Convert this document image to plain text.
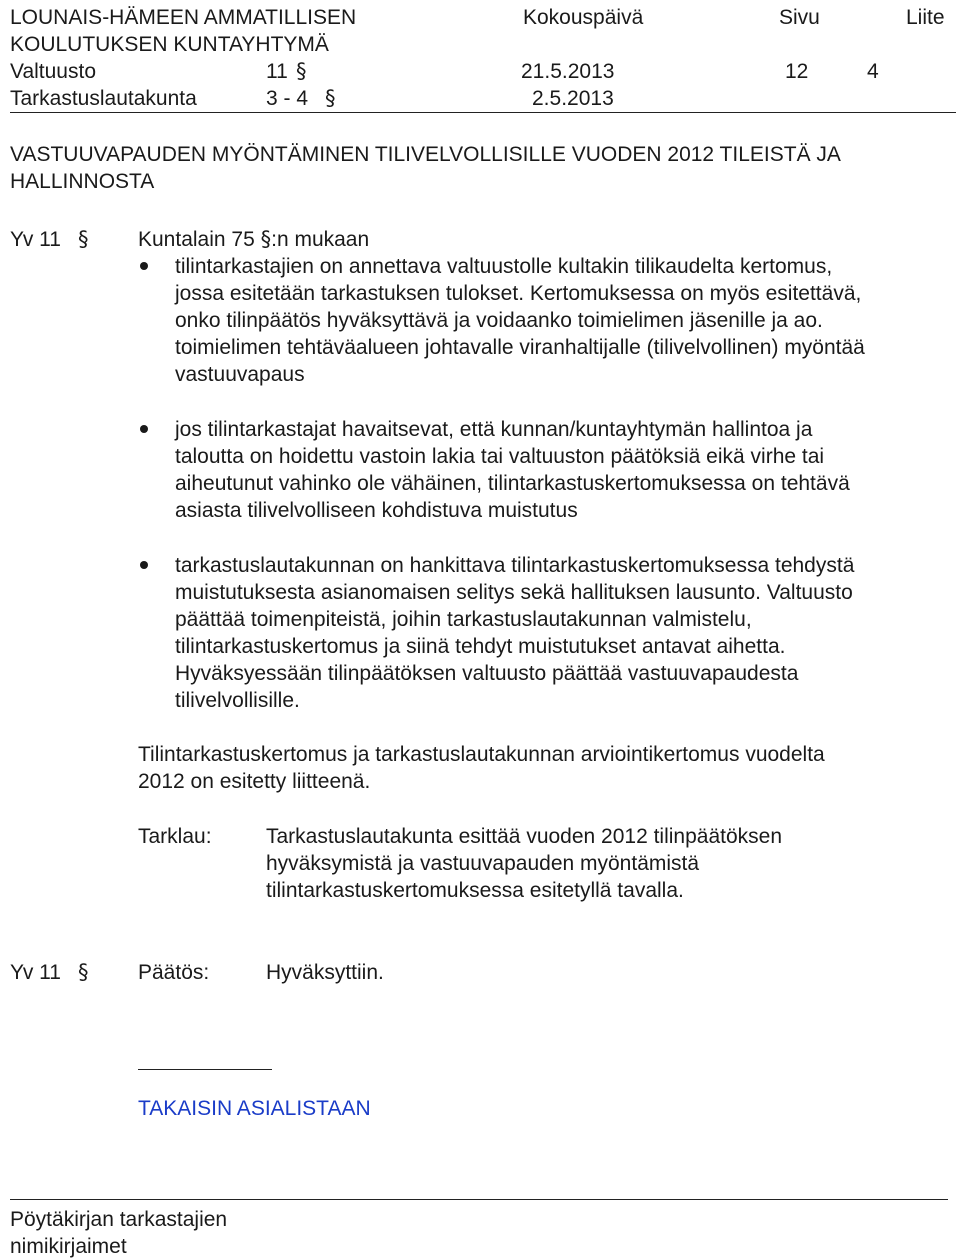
LOUNAIS-HÄMEEN AMMATILLISEN
KOULUTUKSEN KUNTAYHTYMÄ
Kokouspäivä	Sivu	Liite
Valtuusto	11 §	21.5.2013	12	4
Tarkastuslautakunta	3 - 4 §	2.5.2013
VASTUUVAPAUDEN MYÖNTÄMINEN TILIVELVOLLISILLE VUODEN 2012 TILEISTÄ JA
HALLINNOSTA
Yv 11 § Kuntalain 75 §:n mukaan
tilintarkastajien on annettava valtuustolle kultakin tilikaudelta kertomus,
jossa esitetään tarkastuksen tulokset. Kertomuksessa on myös esitettävä,
onko tilinpäätös hyväksyttävä ja voidaanko toimielimen jäsenille ja ao.
toimielimen tehtäväalueen johtavalle viranhaltijalle (tilivelvollinen) myöntää
vastuuvapaus
jos tilintarkastajat havaitsevat, että kunnan/kuntayhtymän hallintoa ja
taloutta on hoidettu vastoin lakia tai valtuuston päätöksiä eikä virhe tai
aiheutunut vahinko ole vähäinen, tilintarkastuskertomuksessa on tehtävä
asiasta tilivelvolliseen kohdistuva muistutus
tarkastuslautakunnan on hankittava tilintarkastuskertomuksessa tehdystä
muistutuksesta asianomaisen selitys sekä hallituksen lausunto. Valtuusto
päättää toimenpiteistä, joihin tarkastuslautakunnan valmistelu,
tilintarkastuskertomus ja siinä tehdyt muistutukset antavat aihetta.
Hyväksyessään tilinpäätöksen valtuusto päättää vastuuvapaudesta
tilivelvollisille.
Tilintarkastuskertomus ja tarkastuslautakunnan arviointikertomus vuodelta
2012 on esitetty liitteenä.
Tarklau:	Tarkastuslautakunta esittää vuoden 2012 tilinpäätöksen
hyväksymistä ja vastuuvapauden myöntämistä
tilintarkastuskertomuksessa esitetyllä tavalla.
Yv 11 § Päätös:	Hyväksyttiin.
TAKAISIN ASIALISTAAN
Pöytäkirjan tarkastajien
nimikirjaimet
